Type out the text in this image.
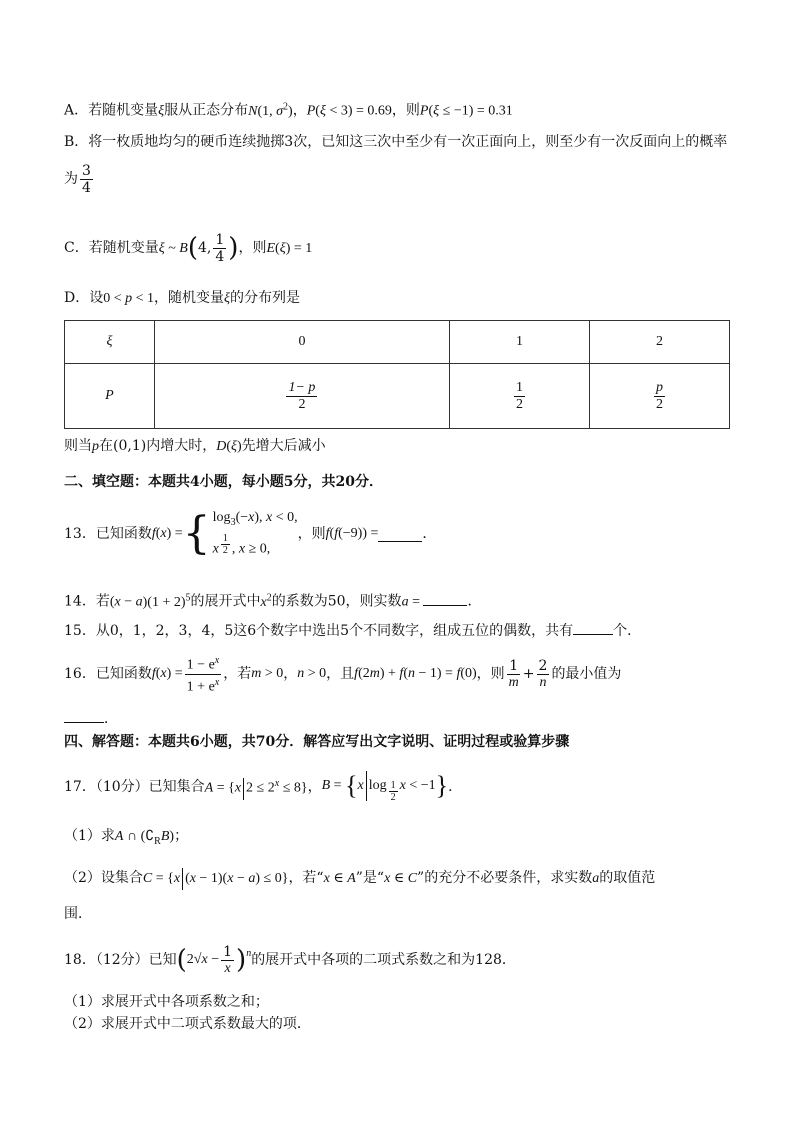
A．若随机变量ξ服从正态分布N(1, $\sigma^2$)，P(ξ < 3) = 0.69，则P(ξ ≤ −1) = 0.31
B．将一枚质地均匀的硬币连续抛掷3次，已知这三次中至少有一次正面向上，则至少有一次反面向上的概率
为 $\frac{3}{4}$
C．若随机变量ξ ~ B(4, $\frac{1}{4}$ )，则E(ξ) = 1
D．设0 < p < 1，随机变量ξ的分布列是
ξ	0	1	2
P	$\frac{1- p}{2}$	$\frac{1}{2}$	$\frac{p}{2}$
则当p在(0,1)内增大时，D(ξ)先增大后减小
二、填空题：本题共4小题，每小题5分，共20分．
13．已知函数 f(x) = { $\log_3(-x)$, x < 0,
x $^{\frac{1}{2}}$ , x ≥ 0,
，则 f(f(−9)) =	．
14．若$(x - a)(1 + 2)^5$的展开式中$x^2$的系数为50，则实数a =	．
15．从0，1，2，3，4，5这6个数字中选出5个不同数字，组成五位的偶数，共有	个．
16．已知函数 $f(x) = \frac{1 - e^x}{1 + e^x}$ ，若 m > 0 ， n > 0 ，且 f(2m) + f(n − 1) = f(0) ，则 $\frac{1}{m} + \frac{2}{n}$ 的最小值为
．
四、解答题：本题共6小题，共70分．解答应写出文字说明、证明过程或验算步骤
17．（10分）已知集合 A = {x $2 \le 2^x \le 8$} ， B = {x log $_{\frac{1}{2}}$ x < −1} ．
（1）求A ∩ $(∁_RB)$；
（2）设集合C = {x (x − 1)(x − a) ≤ 0}，若“x ∈ A”是“x ∈ C”的充分不必要条件，求实数a的取值范
围．
18．（12分）已知 ( $2√x - \frac{1}{x} )^n$ 的展开式中各项的二项式系数之和为128．
（1）求展开式中各项系数之和；
（2）求展开式中二项式系数最大的项．
